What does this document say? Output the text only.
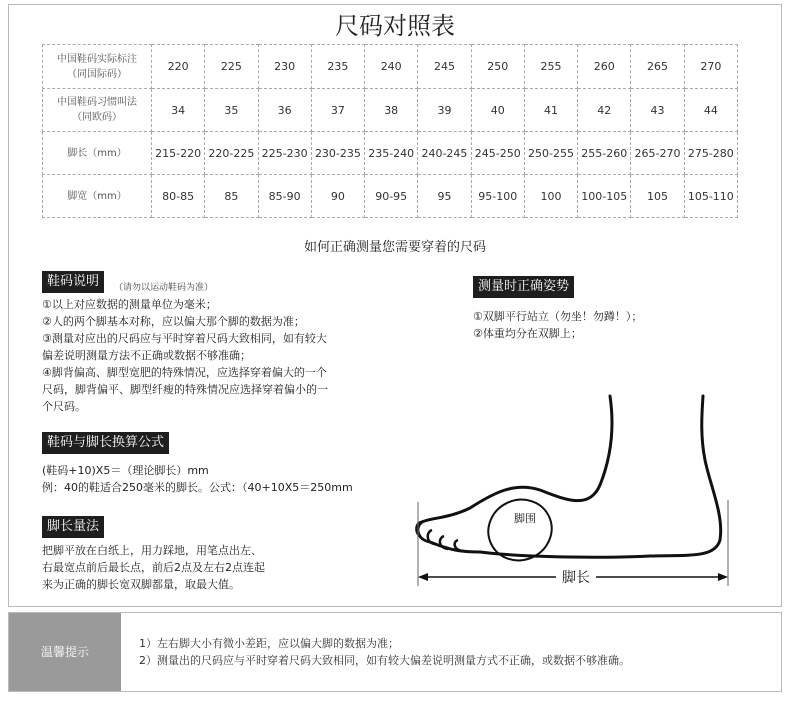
尺码对照表
中国鞋码实际标注
（同国际码）	220	225	230	235	240	245	250	255	260	265	270

中国鞋码习惯叫法
（同欧码）	34	35	36	37	38	39	40	41	42	43	44

脚长（mm）	215-220	220-225	225-230	230-235	235-240	240-245	245-250	250-255	255-260	265-270	275-280

脚宽（mm）	80-85	85	85-90	90	90-95	95	95-100	100	100-105	105	105-110
如何正确测量您需要穿着的尺码
鞋码说明	（请勿以运动鞋码为准）
①以上对应数据的测量单位为毫米；
②人的两个脚基本对称，应以偏大那个脚的数据为准；
③测量对应出的尺码应与平时穿着尺码大致相同，如有较大
偏差说明测量方法不正确或数据不够准确；
④脚背偏高、脚型宽肥的特殊情况，应选择穿着偏大的一个
尺码，脚背偏平、脚型纤瘦的特殊情况应选择穿着偏小的一
个尺码。
鞋码与脚长换算公式
(鞋码+10)X5＝（理论脚长）mm
例：40的鞋适合250毫米的脚长。公式：（40+10X5＝250mm
脚长量法
把脚平放在白纸上，用力踩地，用笔点出左、
右最宽点前后最长点，前后2点及左右2点连起
来为正确的脚长宽双脚都量，取最大值。
测量时正确姿势
①双脚平行站立（勿坐！勿蹲！）；
②体重均分在双脚上；
脚长
脚围
温馨提示
1）左右脚大小有微小差距，应以偏大脚的数据为准；
2）测量出的尺码应与平时穿着尺码大致相同，如有较大偏差说明测量方式不正确，或数据不够准确。
